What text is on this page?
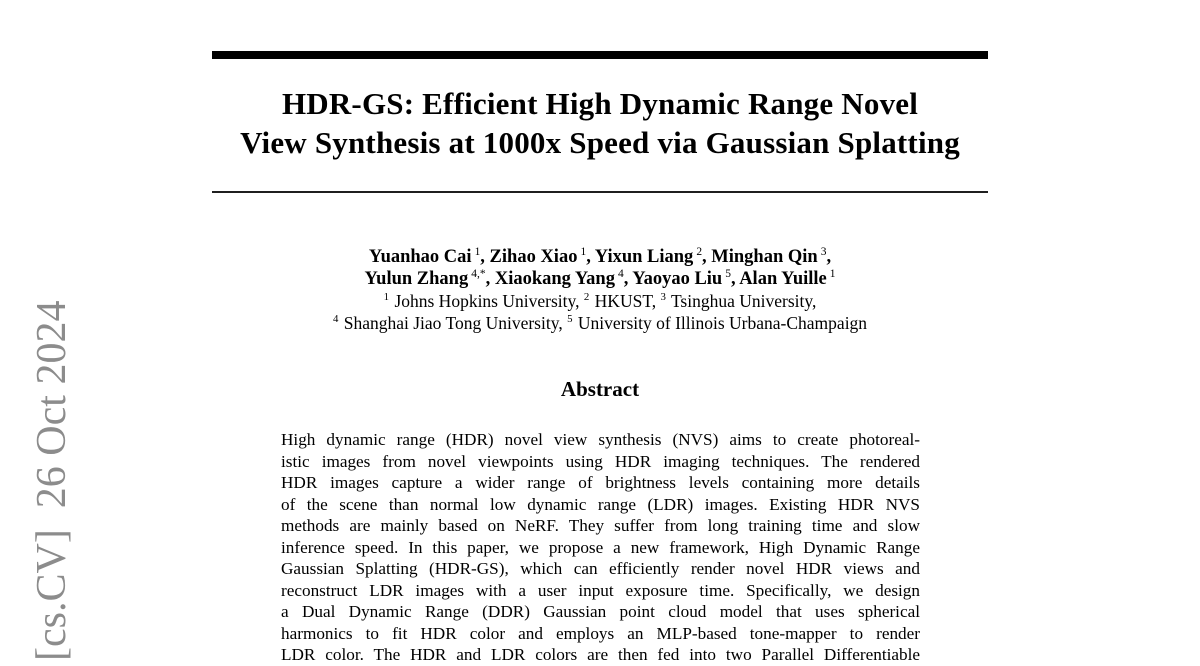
[cs.CV]  26 Oct 2024
HDR-GS: Efficient High Dynamic Range Novel
View Synthesis at 1000x Speed via Gaussian Splatting
Yuanhao Cai $^1$, Zihao Xiao $^1$, Yixun Liang $^2$, Minghan Qin $^3$,
Yulun Zhang $^{4,*}$, Xiaokang Yang $^4$, Yaoyao Liu $^5$, Alan Yuille $^1$
$^1$ Johns Hopkins University, $^2$ HKUST, $^3$ Tsinghua University,
$^4$ Shanghai Jiao Tong University, $^5$ University of Illinois Urbana-Champaign
Abstract
High dynamic range (HDR) novel view synthesis (NVS) aims to create photoreal-
istic images from novel viewpoints using HDR imaging techniques. The rendered
HDR images capture a wider range of brightness levels containing more details
of the scene than normal low dynamic range (LDR) images. Existing HDR NVS
methods are mainly based on NeRF. They suffer from long training time and slow
inference speed. In this paper, we propose a new framework, High Dynamic Range
Gaussian Splatting (HDR-GS), which can efficiently render novel HDR views and
reconstruct LDR images with a user input exposure time. Specifically, we design
a Dual Dynamic Range (DDR) Gaussian point cloud model that uses spherical
harmonics to fit HDR color and employs an MLP-based tone-mapper to render
LDR color. The HDR and LDR colors are then fed into two Parallel Differentiable
